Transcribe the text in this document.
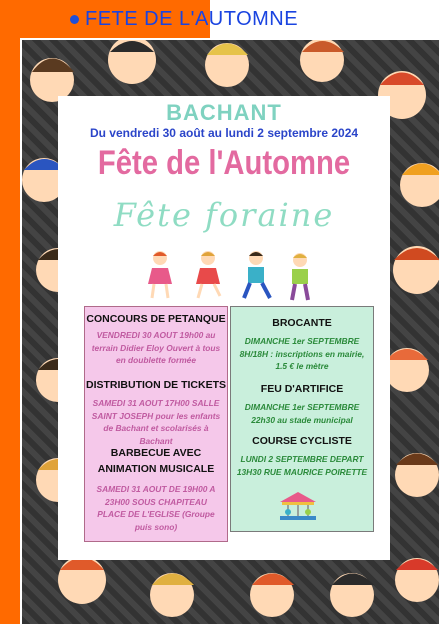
FETE DE L'AUTOMNE
BACHANT
Du vendredi 30 août au lundi 2 septembre 2024
Fête de l'Automne
Fête foraine
CONCOURS DE PETANQUE
VENDREDI 30 AOUT 19h00 au terrain Didier Eloy Ouvert à tous en doublette formée
DISTRIBUTION DE TICKETS
SAMEDI 31 AOUT 17H00 SALLE SAINT JOSEPH pour les enfants de Bachant et scolarisés à Bachant
BARBECUE AVEC ANIMATION MUSICALE
SAMEDI 31 AOUT DE 19H00 A 23H00 SOUS CHAPITEAU PLACE DE L'EGLISE (Groupe puis sono)
BROCANTE
DIMANCHE 1er SEPTEMBRE 8H/18H : inscriptions en mairie, 1.5 € le mètre
FEU D'ARTIFICE
DIMANCHE 1er SEPTEMBRE 22h30 au stade municipal
COURSE CYCLISTE
LUNDI 2 SEPTEMBRE DEPART 13H30 RUE MAURICE POIRETTE
